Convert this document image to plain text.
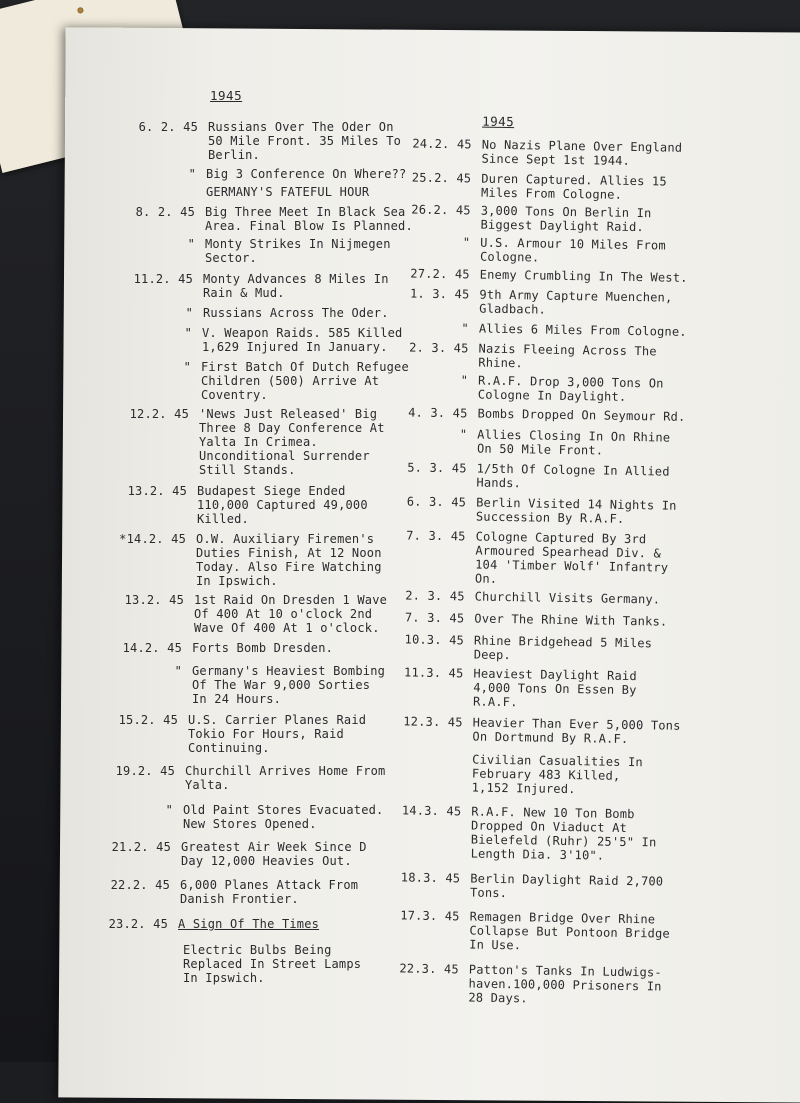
1945
6. 2. 45 Russians Over The Oder On
50 Mile Front. 35 Miles To
Berlin.
" Big 3 Conference On Where??
GERMANY'S FATEFUL HOUR
8. 2. 45 Big Three Meet In Black Sea
Area. Final Blow Is Planned.
" Monty Strikes In Nijmegen
Sector.
11.2. 45 Monty Advances 8 Miles In
Rain & Mud.
" Russians Across The Oder.
" V. Weapon Raids. 585 Killed
1,629 Injured In January.
" First Batch Of Dutch Refugee
Children (500) Arrive At
Coventry.
12.2. 45 'News Just Released' Big
Three 8 Day Conference At
Yalta In Crimea.
Unconditional Surrender
Still Stands.
13.2. 45 Budapest Siege Ended
110,000 Captured 49,000
Killed.
*14.2. 45 O.W. Auxiliary Firemen's
Duties Finish, At 12 Noon
Today. Also Fire Watching
In Ipswich.
13.2. 45 1st Raid On Dresden 1 Wave
Of 400 At 10 o'clock 2nd
Wave Of 400 At 1 o'clock.
14.2. 45 Forts Bomb Dresden.
" Germany's Heaviest Bombing
Of The War 9,000 Sorties
In 24 Hours.
15.2. 45 U.S. Carrier Planes Raid
Tokio For Hours, Raid
Continuing.
19.2. 45 Churchill Arrives Home From
Yalta.
" Old Paint Stores Evacuated.
New Stores Opened.
21.2. 45 Greatest Air Week Since D
Day 12,000 Heavies Out.
22.2. 45 6,000 Planes Attack From
Danish Frontier.
23.2. 45 A Sign Of The Times
Electric Bulbs Being
Replaced In Street Lamps
In Ipswich.
1945
24.2. 45 No Nazis Plane Over England
Since Sept 1st 1944.
25.2. 45 Duren Captured. Allies 15
Miles From Cologne.
26.2. 45 3,000 Tons On Berlin In
Biggest Daylight Raid.
" U.S. Armour 10 Miles From
Cologne.
27.2. 45 Enemy Crumbling In The West.
1. 3. 45 9th Army Capture Muenchen,
Gladbach.
" Allies 6 Miles From Cologne.
2. 3. 45 Nazis Fleeing Across The
Rhine.
" R.A.F. Drop 3,000 Tons On
Cologne In Daylight.
4. 3. 45 Bombs Dropped On Seymour Rd.
" Allies Closing In On Rhine
On 50 Mile Front.
5. 3. 45 1/5th Of Cologne In Allied
Hands.
6. 3. 45 Berlin Visited 14 Nights In
Succession By R.A.F.
7. 3. 45 Cologne Captured By 3rd
Armoured Spearhead Div. &
104 'Timber Wolf' Infantry
On.
2. 3. 45 Churchill Visits Germany.
7. 3. 45 Over The Rhine With Tanks.
10.3. 45 Rhine Bridgehead 5 Miles
Deep.
11.3. 45 Heaviest Daylight Raid
4,000 Tons On Essen By
R.A.F.
12.3. 45 Heavier Than Ever 5,000 Tons
On Dortmund By R.A.F.
Civilian Casualities In
February 483 Killed,
1,152 Injured.
14.3. 45 R.A.F. New 10 Ton Bomb
Dropped On Viaduct At
Bielefeld (Ruhr) 25'5" In
Length Dia. 3'10".
18.3. 45 Berlin Daylight Raid 2,700
Tons.
17.3. 45 Remagen Bridge Over Rhine
Collapse But Pontoon Bridge
In Use.
22.3. 45 Patton's Tanks In Ludwigs-
haven.100,000 Prisoners In
28 Days.
